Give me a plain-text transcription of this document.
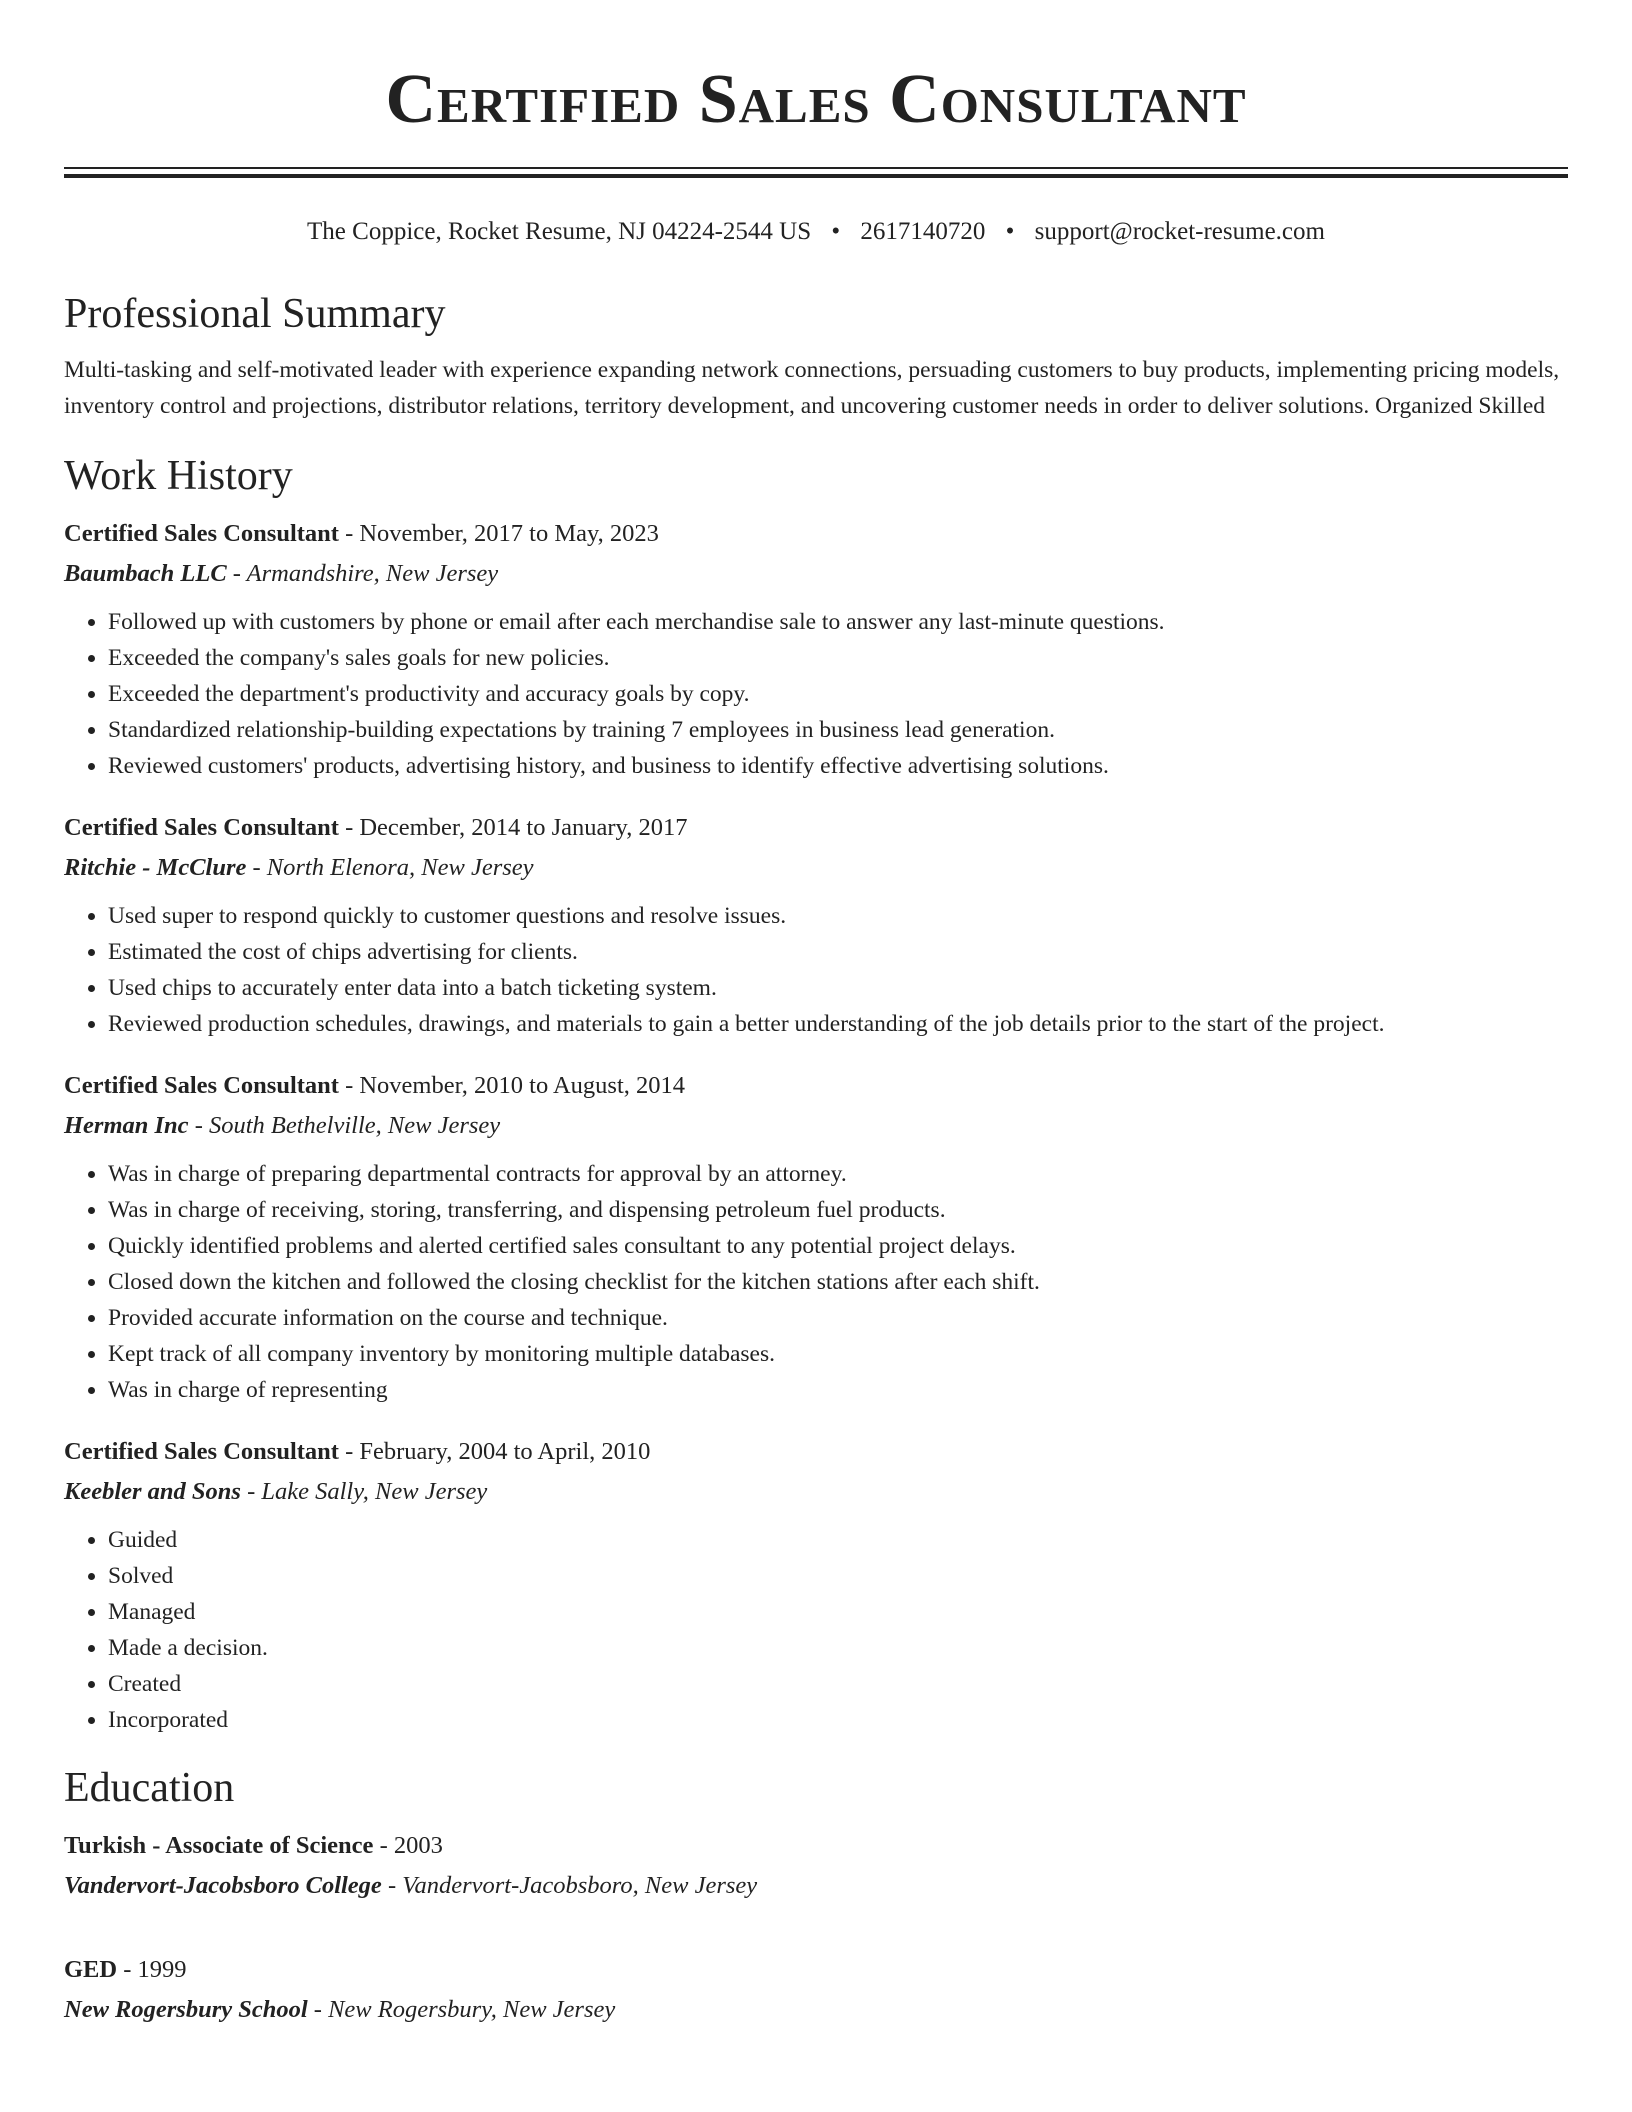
Certified Sales Consultant
The Coppice, Rocket Resume, NJ 04224-2544 US • 2617140720 • support@rocket-resume.com
Professional Summary

Multi-tasking and self-motivated leader with experience expanding network connections, persuading customers to buy products, implementing pricing models, inventory control and projections, distributor relations, territory development, and uncovering customer needs in order to deliver solutions. Organized Skilled

Work History
Certified Sales Consultant - November, 2017 to May, 2023
Baumbach LLC - Armandshire, New Jersey
• Followed up with customers by phone or email after each merchandise sale to answer any last-minute questions.
• Exceeded the company's sales goals for new policies.
• Exceeded the department's productivity and accuracy goals by copy.
• Standardized relationship-building expectations by training 7 employees in business lead generation.
• Reviewed customers' products, advertising history, and business to identify effective advertising solutions.
Certified Sales Consultant - December, 2014 to January, 2017
Ritchie - McClure - North Elenora, New Jersey
• Used super to respond quickly to customer questions and resolve issues.
• Estimated the cost of chips advertising for clients.
• Used chips to accurately enter data into a batch ticketing system.
• Reviewed production schedules, drawings, and materials to gain a better understanding of the job details prior to the start of the project.
Certified Sales Consultant - November, 2010 to August, 2014
Herman Inc - South Bethelville, New Jersey
• Was in charge of preparing departmental contracts for approval by an attorney.
• Was in charge of receiving, storing, transferring, and dispensing petroleum fuel products.
• Quickly identified problems and alerted certified sales consultant to any potential project delays.
• Closed down the kitchen and followed the closing checklist for the kitchen stations after each shift.
• Provided accurate information on the course and technique.
• Kept track of all company inventory by monitoring multiple databases.
• Was in charge of representing
Certified Sales Consultant - February, 2004 to April, 2010
Keebler and Sons - Lake Sally, New Jersey
• Guided
• Solved
• Managed
• Made a decision.
• Created
• Incorporated
Education
Turkish - Associate of Science - 2003
Vandervort-Jacobsboro College - Vandervort-Jacobsboro, New Jersey
GED - 1999
New Rogersbury School - New Rogersbury, New Jersey
